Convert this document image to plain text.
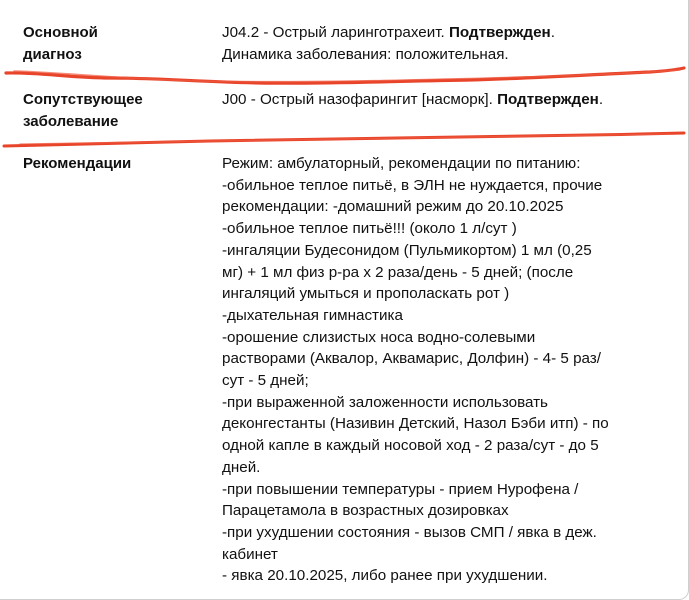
Основной
диагноз
J04.2 - Острый ларинготрахеит. Подтвержден.
Динамика заболевания: положительная.
Сопутствующее
заболевание
J00 - Острый назофарингит [насморк]. Подтвержден.
Рекомендации	Режим: амбулаторный, рекомендации по питанию:
-обильное теплое питьё, в ЭЛН не нуждается, прочие
рекомендации: -домашний режим до 20.10.2025
-обильное теплое питьё!!! (около 1 л/сут )
-ингаляции Будесонидом (Пульмикортом) 1 мл (0,25
мг) + 1 мл физ р-ра х 2 раза/день - 5 дней; (после
ингаляций умыться и прополаскать рот )
-дыхательная гимнастика
-орошение слизистых носа водно-солевыми
растворами (Аквалор, Аквамарис, Долфин) - 4- 5 раз/
сут - 5 дней;
-при выраженной заложенности использовать
деконгестанты (Називин Детский, Назол Бэби итп) - по
одной капле в каждый носовой ход - 2 раза/сут - до 5
дней.
-при повышении температуры - прием Нурофена /
Парацетамола в возрастных дозировках
-при ухудшении состояния - вызов СМП / явка в деж.
кабинет
- явка 20.10.2025, либо ранее при ухудшении.
